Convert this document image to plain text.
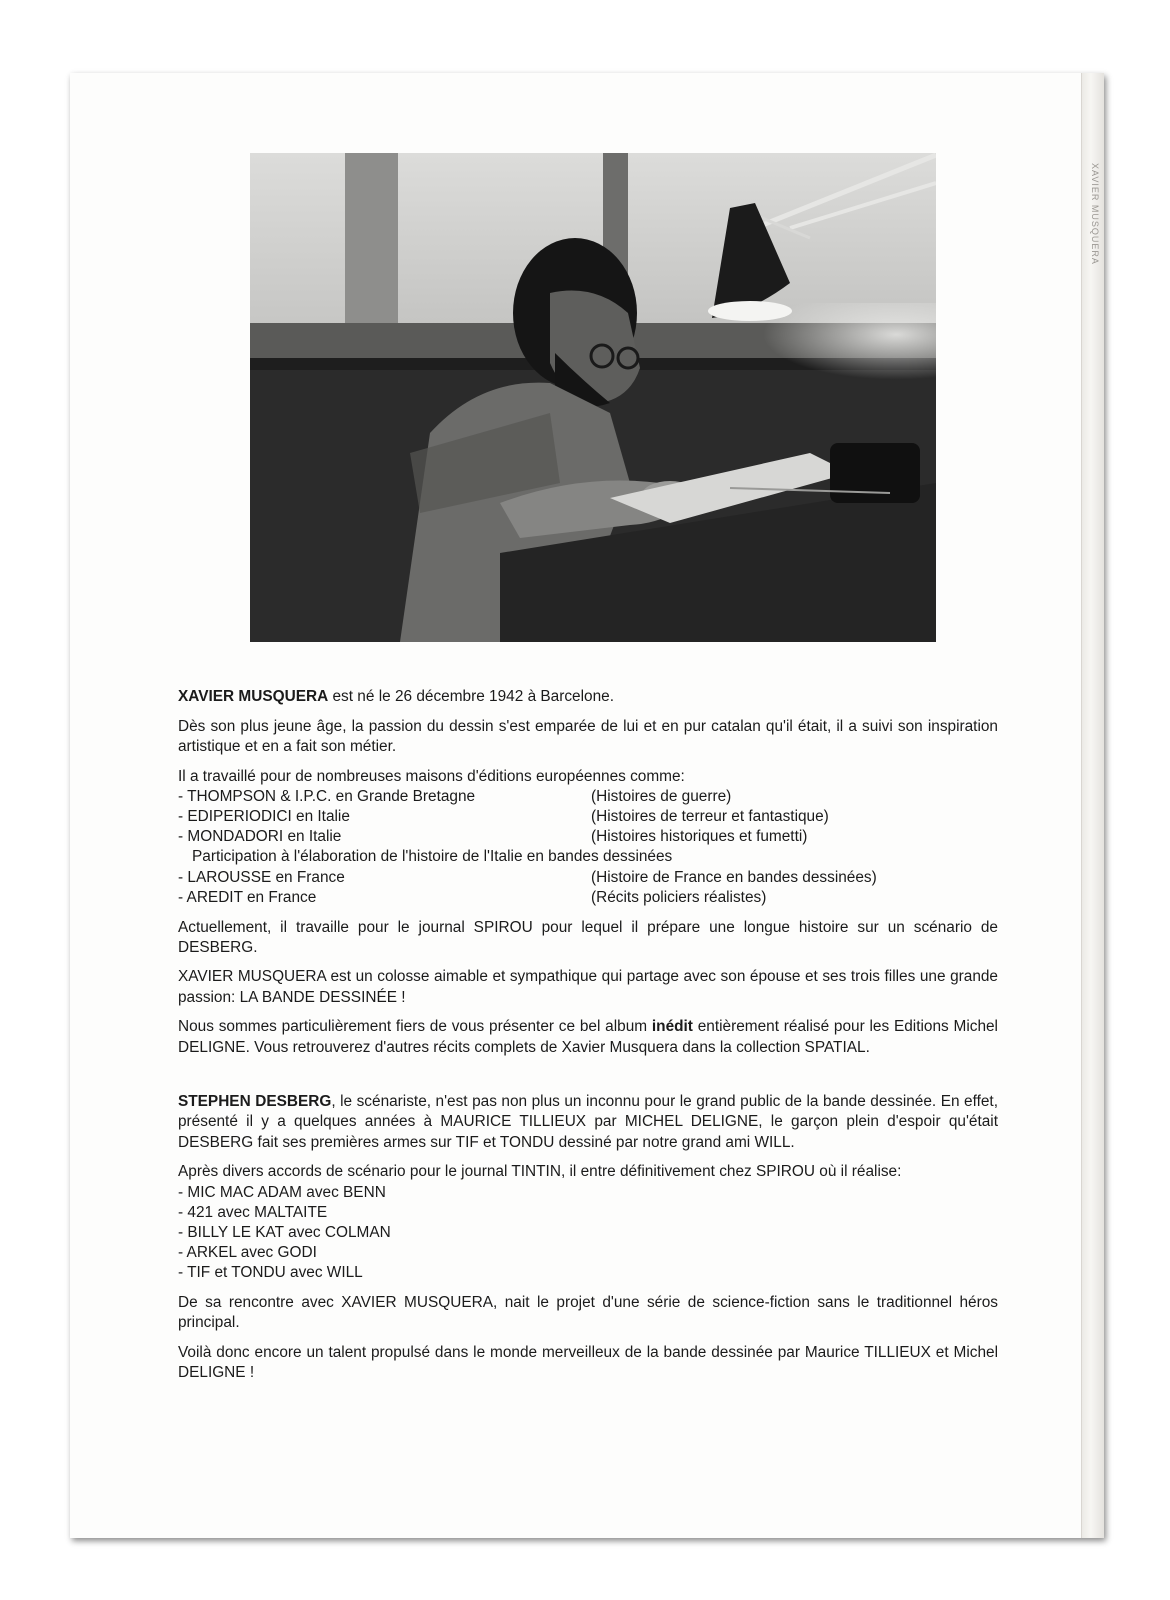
XAVIER MUSQUERA

XAVIER MUSQUERA est né le 26 décembre 1942 à Barcelone.

Dès son plus jeune âge, la passion du dessin s'est emparée de lui et en pur catalan qu'il était, il a suivi son inspiration artistique et en a fait son métier.

Il a travaillé pour de nombreuses maisons d'éditions européennes comme:
- THOMPSON & I.P.C. en Grande Bretagne	(Histoires de guerre)
- EDIPERIODICI en Italie	(Histoires de terreur et fantastique)
- MONDADORI en Italie	(Histoires historiques et fumetti)
Participation à l'élaboration de l'histoire de l'Italie en bandes dessinées
- LAROUSSE en France	(Histoire de France en bandes dessinées)
- AREDIT en France	(Récits policiers réalistes)

Actuellement, il travaille pour le journal SPIROU pour lequel il prépare une longue histoire sur un scénario de DESBERG.

XAVIER MUSQUERA est un colosse aimable et sympathique qui partage avec son épouse et ses trois filles une grande passion: LA BANDE DESSINÉE !

Nous sommes particulièrement fiers de vous présenter ce bel album inédit entièrement réalisé pour les Editions Michel DELIGNE. Vous retrouverez d'autres récits complets de Xavier Musquera dans la collection SPATIAL.

STEPHEN DESBERG, le scénariste, n'est pas non plus un inconnu pour le grand public de la bande dessinée. En effet, présenté il y a quelques années à MAURICE TILLIEUX par MICHEL DELIGNE, le garçon plein d'espoir qu'était DESBERG fait ses premières armes sur TIF et TONDU dessiné par notre grand ami WILL.

Après divers accords de scénario pour le journal TINTIN, il entre définitivement chez SPIROU où il réalise:
- MIC MAC ADAM avec BENN
- 421 avec MALTAITE
- BILLY LE KAT avec COLMAN
- ARKEL avec GODI
- TIF et TONDU avec WILL

De sa rencontre avec XAVIER MUSQUERA, nait le projet d'une série de science-fiction sans le traditionnel héros principal.

Voilà donc encore un talent propulsé dans le monde merveilleux de la bande dessinée par Maurice TILLIEUX et Michel DELIGNE !
